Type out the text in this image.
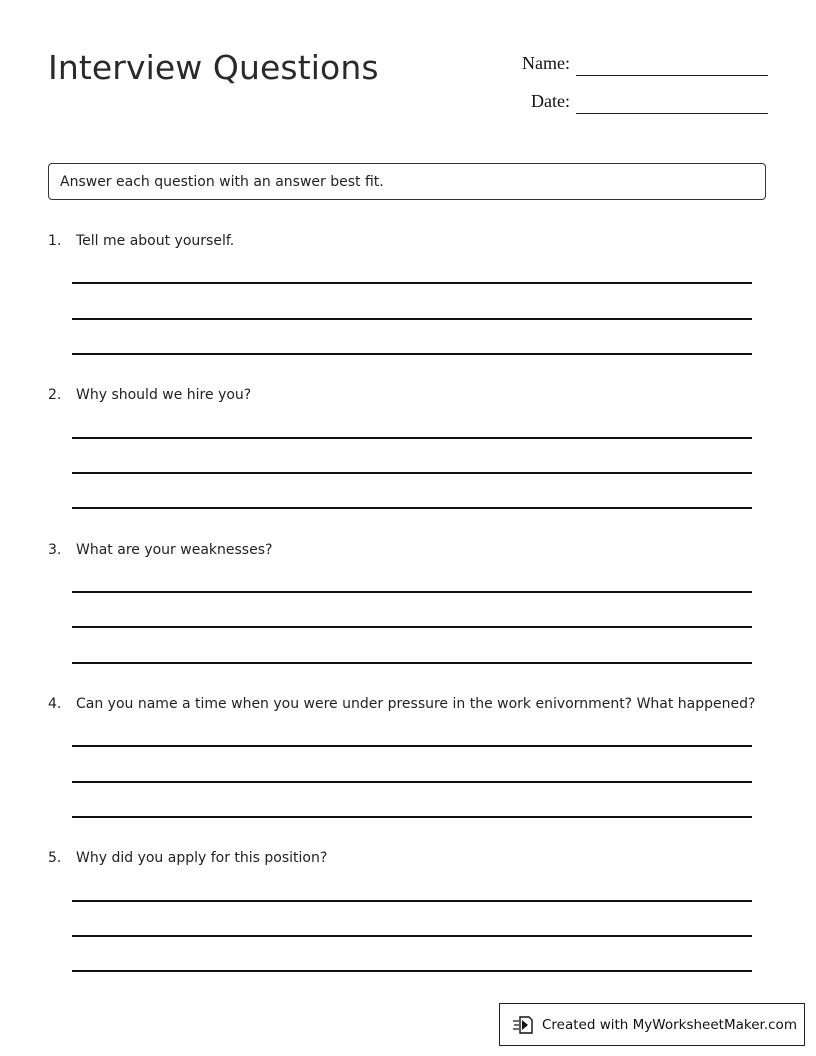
Interview Questions	Name:
Date:
Answer each question with an answer best fit.
1. Tell me about yourself.
2. Why should we hire you?
3. What are your weaknesses?
4. Can you name a time when you were under pressure in the work enivornment? What happened?
5. Why did you apply for this position?
Created with MyWorksheetMaker.com
